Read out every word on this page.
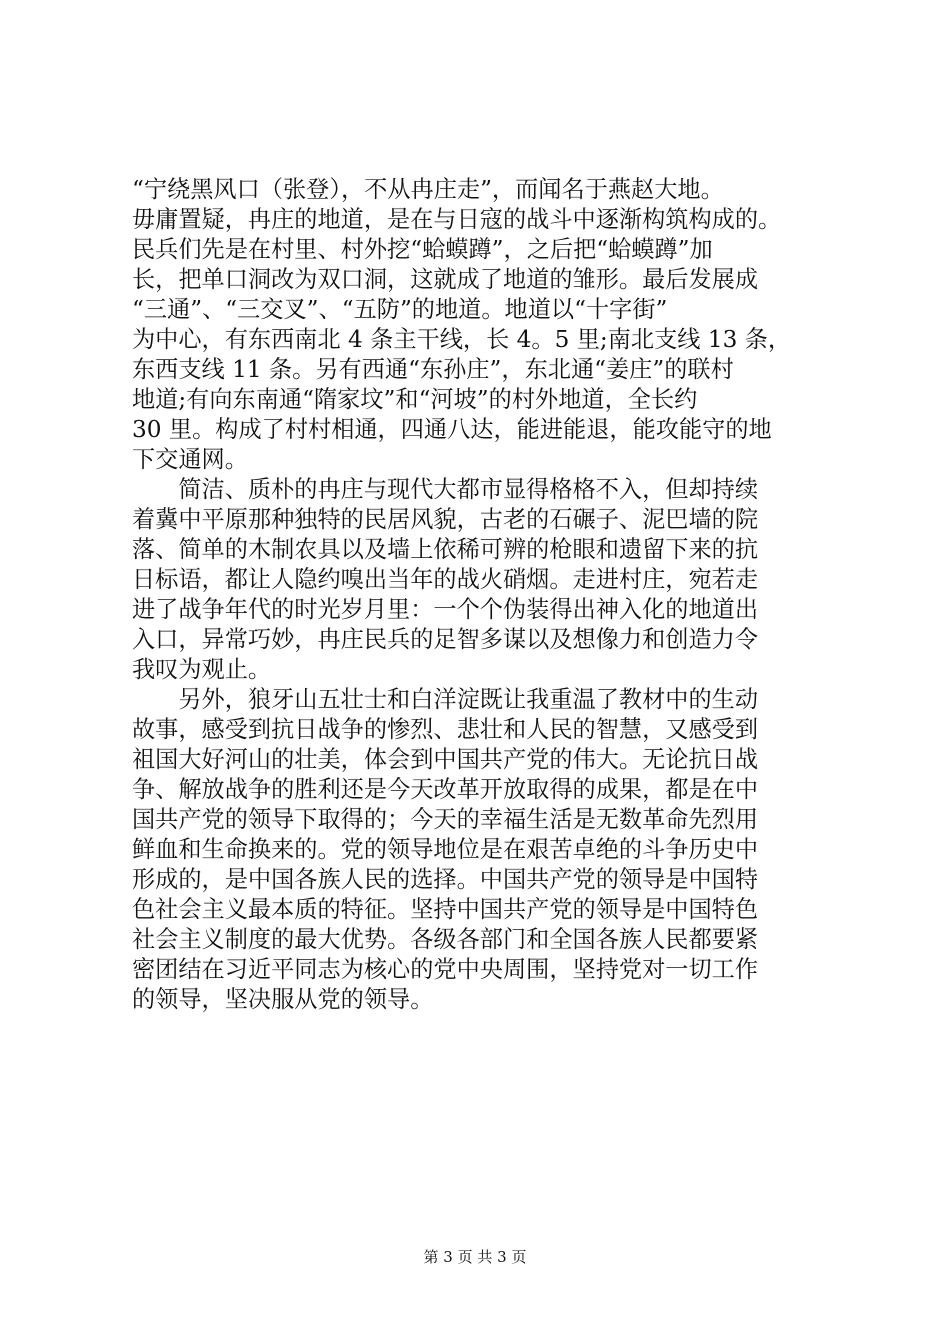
“宁绕黑风口（张登），不从冉庄走”，而闻名于燕赵大地。
毋庸置疑，冉庄的地道，是在与日寇的战斗中逐渐构筑构成的。
民兵们先是在村里、村外挖“蛤蟆蹲”，之后把“蛤蟆蹲”加
长，把单口洞改为双口洞，这就成了地道的雏形。最后发展成
“三通”、“三交叉”、“五防”的地道。地道以“十字街”
为中心，有东西南北 4 条主干线，长 4。5 里;南北支线 13 条，
东西支线 11 条。另有西通“东孙庄”，东北通“姜庄”的联村
地道;有向东南通“隋家坟”和“河坡”的村外地道，全长约
30 里。构成了村村相通，四通八达，能进能退，能攻能守的地
下交通网。
　　简洁、质朴的冉庄与现代大都市显得格格不入，但却持续
着冀中平原那种独特的民居风貌，古老的石碾子、泥巴墙的院
落、简单的木制农具以及墙上依稀可辨的枪眼和遗留下来的抗
日标语，都让人隐约嗅出当年的战火硝烟。走进村庄，宛若走
进了战争年代的时光岁月里：一个个伪装得出神入化的地道出
入口，异常巧妙，冉庄民兵的足智多谋以及想像力和创造力令
我叹为观止。
　　另外，狼牙山五壮士和白洋淀既让我重温了教材中的生动
故事，感受到抗日战争的惨烈、悲壮和人民的智慧，又感受到
祖国大好河山的壮美，体会到中国共产党的伟大。无论抗日战
争、解放战争的胜利还是今天改革开放取得的成果，都是在中
国共产党的领导下取得的；今天的幸福生活是无数革命先烈用
鲜血和生命换来的。党的领导地位是在艰苦卓绝的斗争历史中
形成的，是中国各族人民的选择。中国共产党的领导是中国特
色社会主义最本质的特征。坚持中国共产党的领导是中国特色
社会主义制度的最大优势。各级各部门和全国各族人民都要紧
密团结在习近平同志为核心的党中央周围，坚持党对一切工作
的领导，坚决服从党的领导。
第 3 页 共 3 页
